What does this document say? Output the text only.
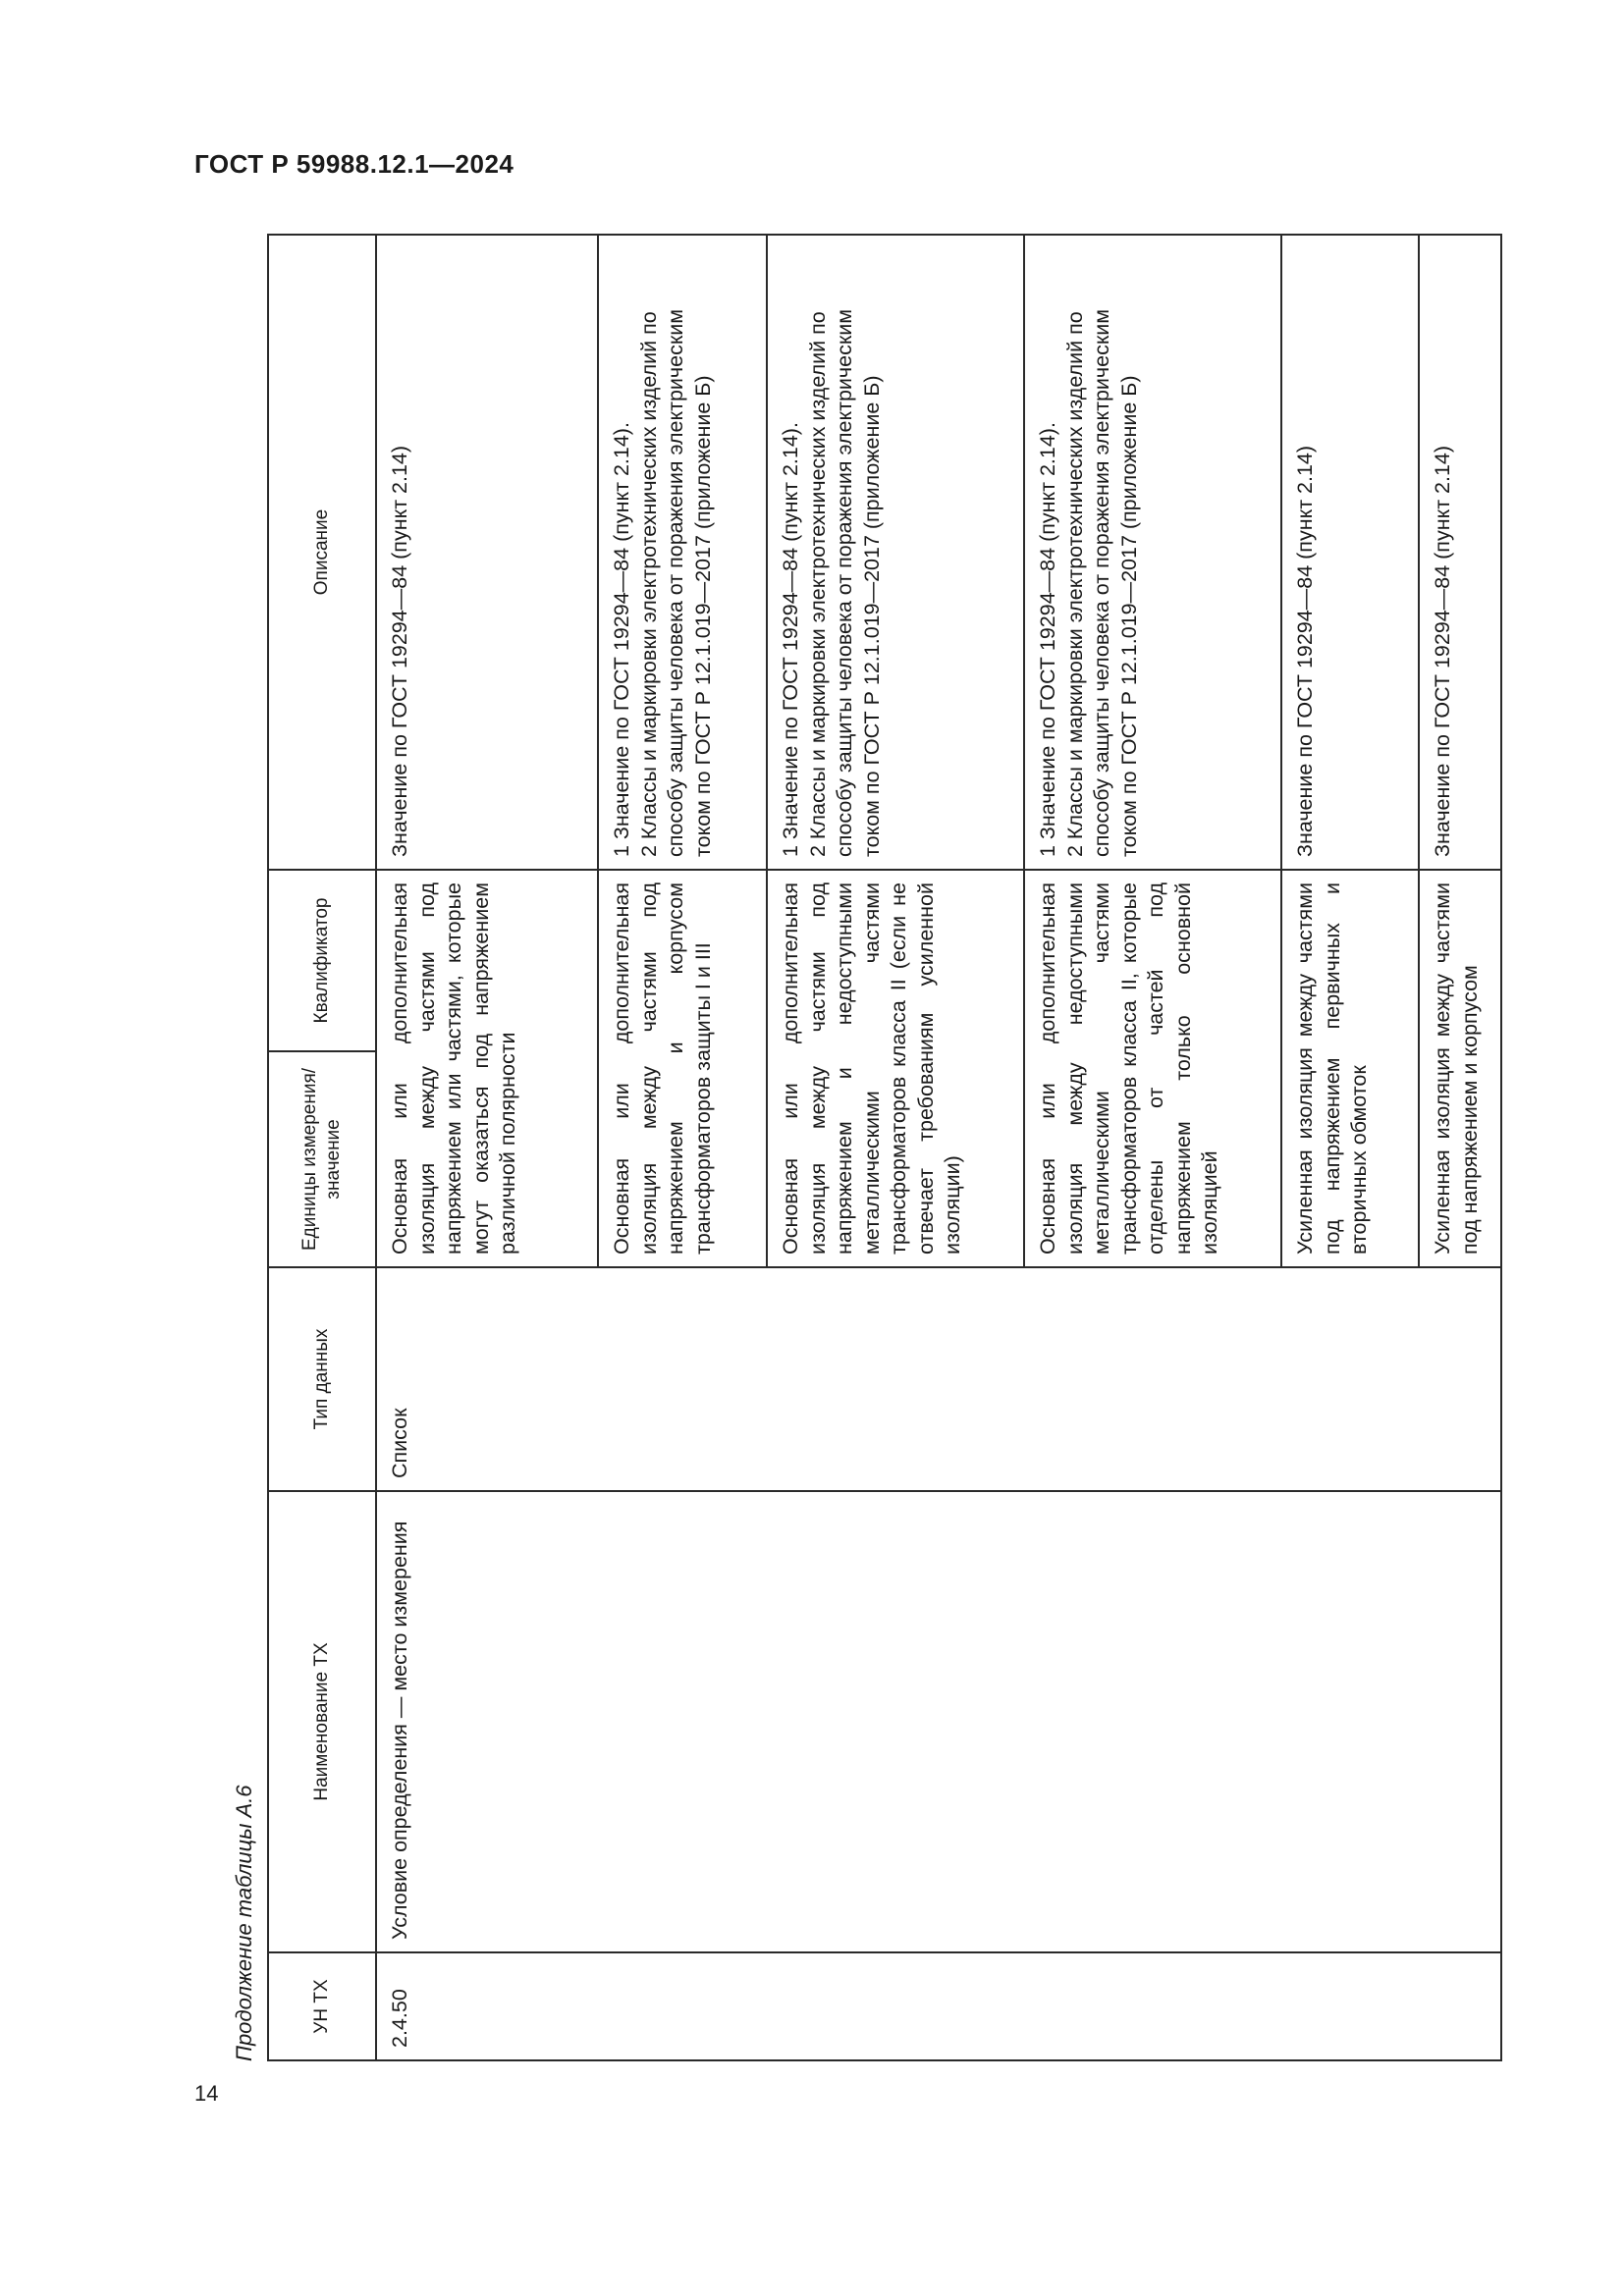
ГОСТ Р 59988.12.1—2024
Продолжение таблицы А.6	УН ТХ	Наименование ТХ	Тип данных	Единицы измерения/ значение	Квалификатор	Описание
2.4.50	Условие определения — место измерения	Список	Основная или дополнительная изоляция между частями под напряжением или частями, которые могут оказаться под напряжением различной полярности		Значение по ГОСТ 19294—84 (пункт 2.14)
			Основная или дополнительная изоляция между частями под напряжением и корпусом трансформаторов защиты I и III		1 Значение по ГОСТ 19294—84 (пункт 2.14).
2 Классы и маркировки электротехнических изделий по способу защиты человека от поражения электрическим током по ГОСТ Р 12.1.019—2017 (приложение Б)
			Основная или дополнительная изоляция между частями под напряжением и недоступными металлическими частями трансформаторов класса II (если не отвечает требованиям усиленной изоляции)		1 Значение по ГОСТ 19294—84 (пункт 2.14).
2 Классы и маркировки электротехнических изделий по способу защиты человека от поражения электрическим током по ГОСТ Р 12.1.019—2017 (приложение Б)
			Основная или дополнительная изоляция между недоступными металлическими частями трансформаторов класса II, которые отделены от частей под напряжением только основной изоляцией		1 Значение по ГОСТ 19294—84 (пункт 2.14).
2 Классы и маркировки электротехнических изделий по способу защиты человека от поражения электрическим током по ГОСТ Р 12.1.019—2017 (приложение Б)
			Усиленная изоляция между частями под напряжением первичных и вторичных обмоток		Значение по ГОСТ 19294—84 (пункт 2.14)
			Усиленная изоляция между частями под напряжением и корпусом		Значение по ГОСТ 19294—84 (пункт 2.14)
14
